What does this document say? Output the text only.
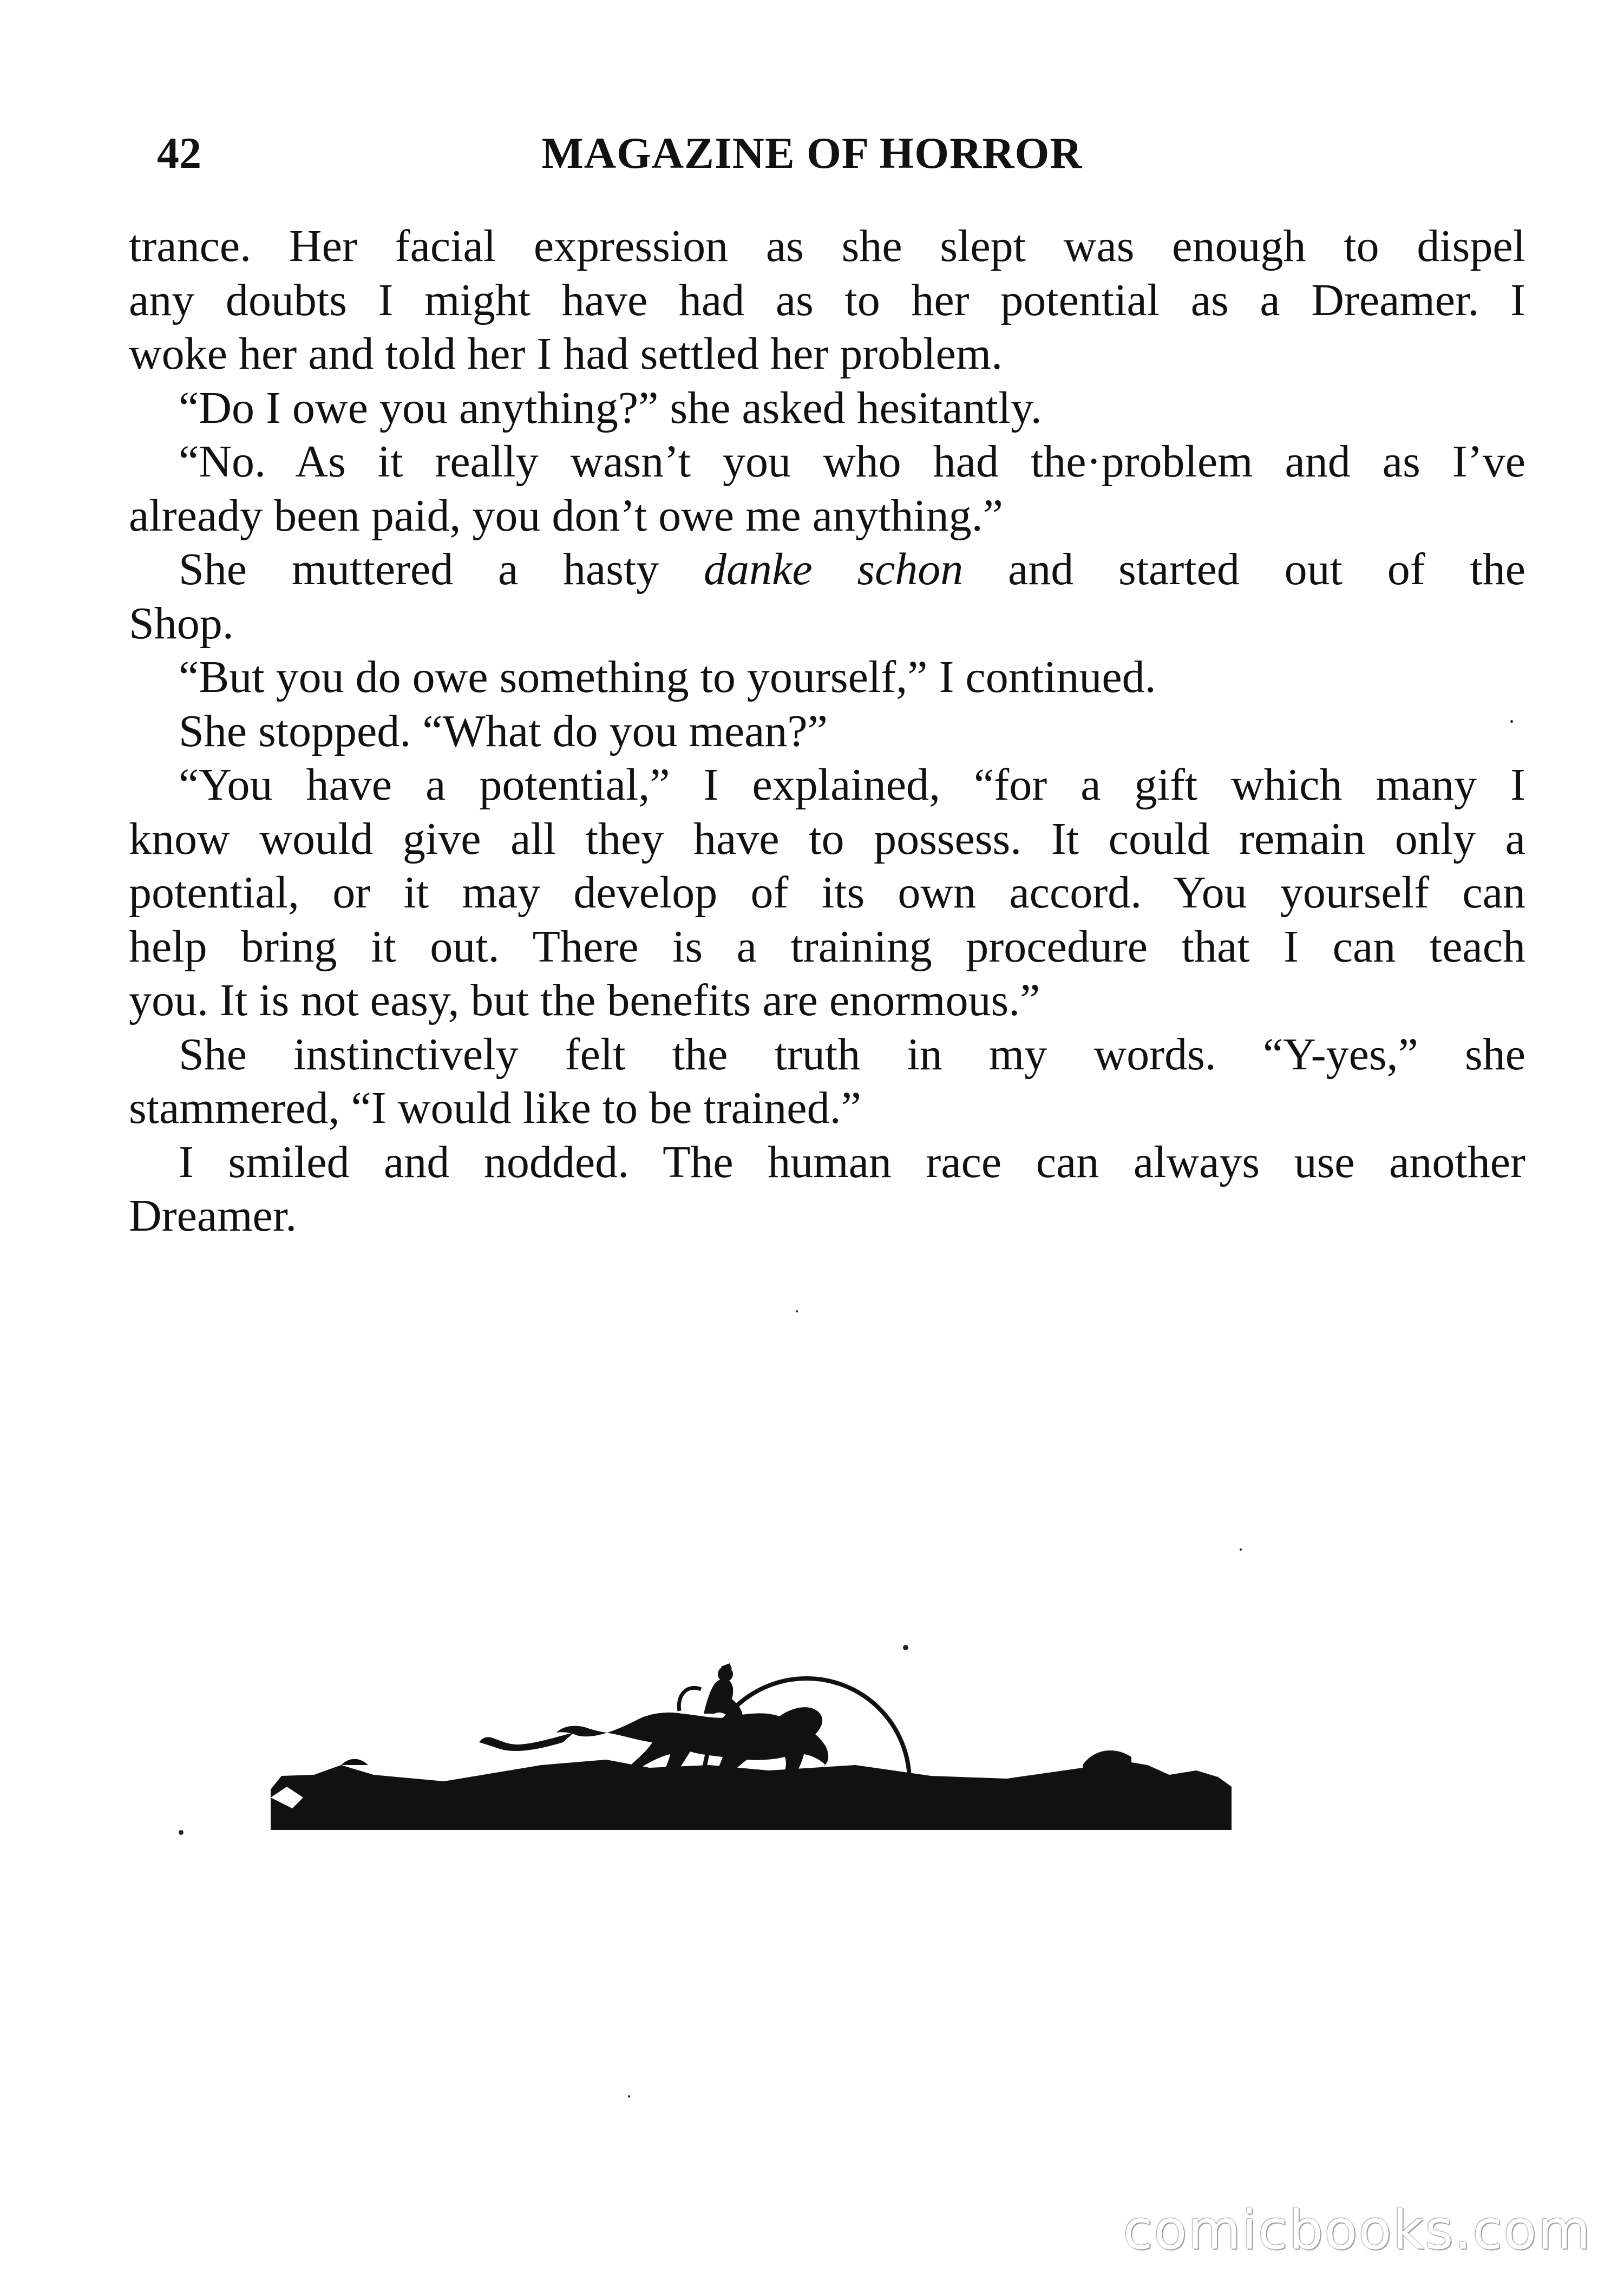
42	MAGAZINE OF HORROR
trance. Her facial expression as she slept was enough to dispel
any doubts I might have had as to her potential as a Dreamer. I
woke her and told her I had settled her problem.
“Do I owe you anything?” she asked hesitantly.
“No. As it really wasn’t you who had the·problem and as I’ve
already been paid, you don’t owe me anything.”
She muttered a hasty danke schon and started out of the
Shop.
“But you do owe something to yourself,” I continued.
She stopped. “What do you mean?”
“You have a potential,” I explained, “for a gift which many I
know would give all they have to possess. It could remain only a
potential, or it may develop of its own accord. You yourself can
help bring it out. There is a training procedure that I can teach
you. It is not easy, but the benefits are enormous.”
She instinctively felt the truth in my words. “Y-yes,” she
stammered, “I would like to be trained.”
I smiled and nodded. The human race can always use another
Dreamer.
comicbooks.com
